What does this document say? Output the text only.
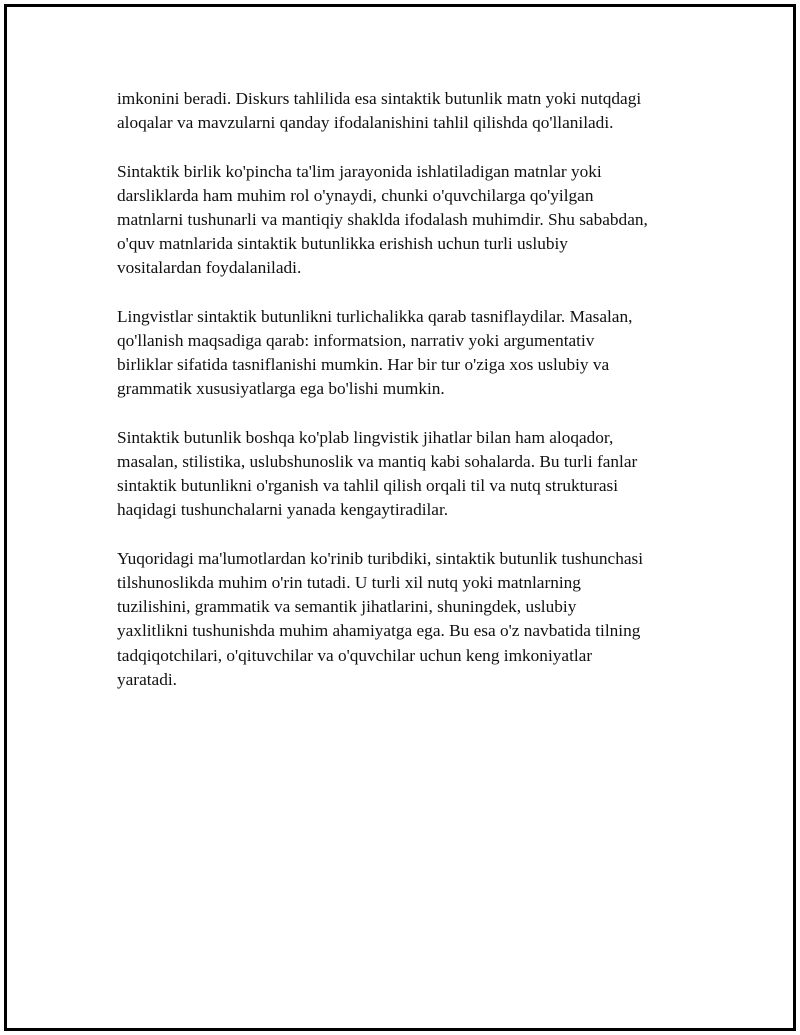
imkonini beradi. Diskurs tahlilida esa sintaktik butunlik matn yoki nutqdagi
aloqalar va mavzularni qanday ifodalanishini tahlil qilishda qo'llaniladi.

Sintaktik birlik ko'pincha ta'lim jarayonida ishlatiladigan matnlar yoki
darsliklarda ham muhim rol o'ynaydi, chunki o'quvchilarga qo'yilgan
matnlarni tushunarli va mantiqiy shaklda ifodalash muhimdir. Shu sababdan,
o'quv matnlarida sintaktik butunlikka erishish uchun turli uslubiy
vositalardan foydalaniladi.

Lingvistlar sintaktik butunlikni turlichalikka qarab tasniflaydilar. Masalan,
qo'llanish maqsadiga qarab: informatsion, narrativ yoki argumentativ
birliklar sifatida tasniflanishi mumkin. Har bir tur o'ziga xos uslubiy va
grammatik xususiyatlarga ega bo'lishi mumkin.

Sintaktik butunlik boshqa ko'plab lingvistik jihatlar bilan ham aloqador,
masalan, stilistika, uslubshunoslik va mantiq kabi sohalarda. Bu turli fanlar
sintaktik butunlikni o'rganish va tahlil qilish orqali til va nutq strukturasi
haqidagi tushunchalarni yanada kengaytiradilar.

Yuqoridagi ma'lumotlardan ko'rinib turibdiki, sintaktik butunlik tushunchasi
tilshunoslikda muhim o'rin tutadi. U turli xil nutq yoki matnlarning
tuzilishini, grammatik va semantik jihatlarini, shuningdek, uslubiy
yaxlitlikni tushunishda muhim ahamiyatga ega. Bu esa o'z navbatida tilning
tadqiqotchilari, o'qituvchilar va o'quvchilar uchun keng imkoniyatlar
yaratadi.
